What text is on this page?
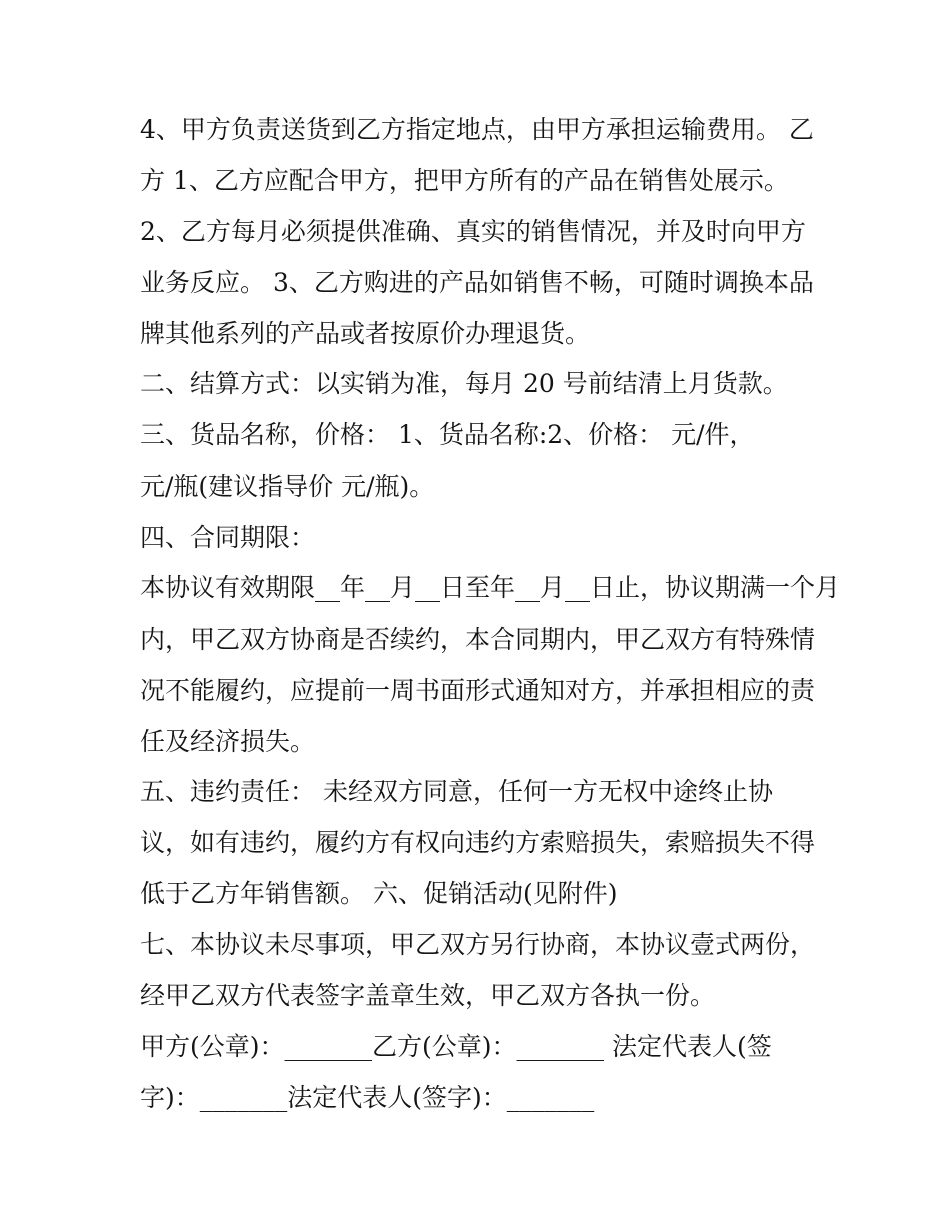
4、甲方负责送货到乙方指定地点，由甲方承担运输费用。 乙
方 1、乙方应配合甲方，把甲方所有的产品在销售处展示。
2、乙方每月必须提供准确、真实的销售情况，并及时向甲方
业务反应。 3、乙方购进的产品如销售不畅，可随时调换本品
牌其他系列的产品或者按原价办理退货。
二、结算方式：以实销为准，每月 20 号前结清上月货款。
三、货品名称，价格： 1、货品名称:2、价格： 元/件，
元/瓶(建议指导价 元/瓶)。
四、合同期限：
本协议有效期限__年__月__日至年__月__日止，协议期满一个月
内，甲乙双方协商是否续约，本合同期内，甲乙双方有特殊情
况不能履约，应提前一周书面形式通知对方，并承担相应的责
任及经济损失。
五、违约责任： 未经双方同意，任何一方无权中途终止协
议，如有违约，履约方有权向违约方索赔损失，索赔损失不得
低于乙方年销售额。 六、促销活动(见附件)
七、本协议未尽事项，甲乙双方另行协商，本协议壹式两份，
经甲乙双方代表签字盖章生效，甲乙双方各执一份。
甲方(公章)：_______乙方(公章)：_______ 法定代表人(签
字)：_______法定代表人(签字)：_______
